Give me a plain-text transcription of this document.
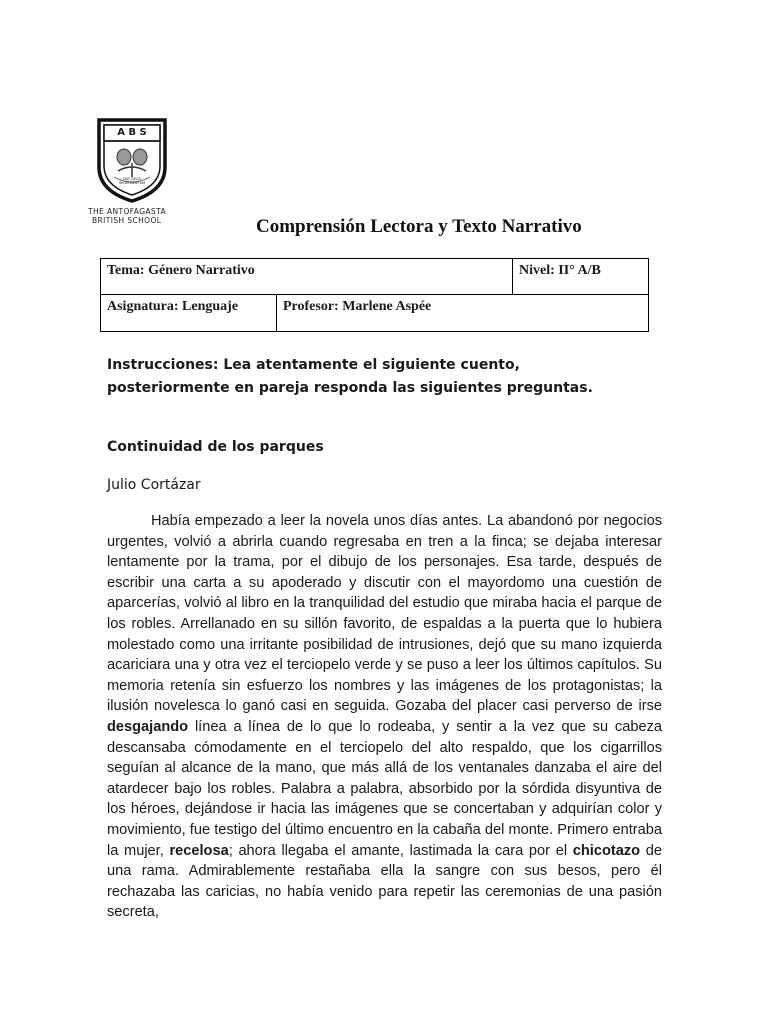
A B S
DAT DEUS INCREMENTUM
THE ANTOFAGASTA
BRITISH SCHOOL	Comprensión Lectora y Texto Narrativo
Tema: Género Narrativo		Nivel: II° A/B
Asignatura: Lenguaje	Profesor: Marlene Aspée	
Instrucciones: Lea atentamente el siguiente cuento, posteriormente en pareja responda las siguientes preguntas.
Continuidad de los parques
Julio Cortázar

Había empezado a leer la novela unos días antes. La abandonó por negocios urgentes, volvió a abrirla cuando regresaba en tren a la finca; se dejaba interesar lentamente por la trama, por el dibujo de los personajes. Esa tarde, después de escribir una carta a su apoderado y discutir con el mayordomo una cuestión de aparcerías, volvió al libro en la tranquilidad del estudio que miraba hacia el parque de los robles. Arrellanado en su sillón favorito, de espaldas a la puerta que lo hubiera molestado como una irritante posibilidad de intrusiones, dejó que su mano izquierda acariciara una y otra vez el terciopelo verde y se puso a leer los últimos capítulos. Su memoria retenía sin esfuerzo los nombres y las imágenes de los protagonistas; la ilusión novelesca lo ganó casi en seguida. Gozaba del placer casi perverso de irse desgajando línea a línea de lo que lo rodeaba, y sentir a la vez que su cabeza descansaba cómodamente en el terciopelo del alto respaldo, que los cigarrillos seguían al alcance de la mano, que más allá de los ventanales danzaba el aire del atardecer bajo los robles. Palabra a palabra, absorbido por la sórdida disyuntiva de los héroes, dejándose ir hacia las imágenes que se concertaban y adquirían color y movimiento, fue testigo del último encuentro en la cabaña del monte. Primero entraba la mujer, recelosa; ahora llegaba el amante, lastimada la cara por el chicotazo de una rama. Admirablemente restañaba ella la sangre con sus besos, pero él rechazaba las caricias, no había venido para repetir las ceremonias de una pasión secreta,
